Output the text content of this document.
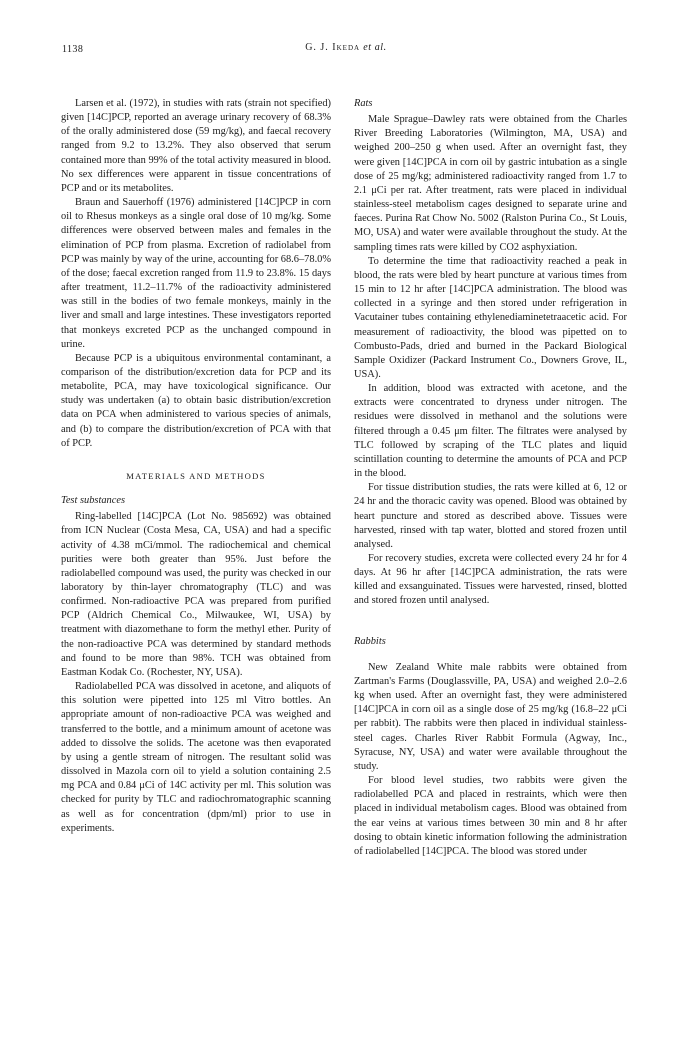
1138	G. J. Ikeda et al.

Larsen et al. (1972), in studies with rats (strain not specified) given [14C]PCP, reported an average urinary recovery of 68.3% of the orally administered dose (59 mg/kg), and faecal recovery ranged from 9.2 to 13.2%. They also observed that serum contained more than 99% of the total activity measured in blood. No sex differences were apparent in tissue concentrations of PCP and or its metabolites.

Braun and Sauerhoff (1976) administered [14C]PCP in corn oil to Rhesus monkeys as a single oral dose of 10 mg/kg. Some differences were observed between males and females in the elimination of PCP from plasma. Excretion of radiolabel from PCP was mainly by way of the urine, accounting for 68.6–78.0% of the dose; faecal excretion ranged from 11.9 to 23.8%. 15 days after treatment, 11.2–11.7% of the radioactivity administered was still in the bodies of two female monkeys, mainly in the liver and small and large intestines. These investigators reported that monkeys excreted PCP as the unchanged compound in urine.

Because PCP is a ubiquitous environmental contaminant, a comparison of the distribution/excretion data for PCP and its metabolite, PCA, may have toxicological significance. Our study was undertaken (a) to obtain basic distribution/excretion data on PCA when administered to various species of animals, and (b) to compare the distribution/excretion of PCA with that of PCP.

MATERIALS AND METHODS
Test substances

Ring-labelled [14C]PCA (Lot No. 985692) was obtained from ICN Nuclear (Costa Mesa, CA, USA) and had a specific activity of 4.38 mCi/mmol. The radiochemical and chemical purities were both greater than 95%. Just before the radiolabelled compound was used, the purity was checked in our laboratory by thin-layer chromatography (TLC) and was confirmed. Non-radioactive PCA was prepared from purified PCP (Aldrich Chemical Co., Milwaukee, WI, USA) by treatment with diazomethane to form the methyl ether. Purity of the non-radioactive PCA was determined by standard methods and found to be more than 98%. TCH was obtained from Eastman Kodak Co. (Rochester, NY, USA).

Radiolabelled PCA was dissolved in acetone, and aliquots of this solution were pipetted into 125 ml Vitro bottles. An appropriate amount of non-radioactive PCA was weighed and transferred to the bottle, and a minimum amount of acetone was added to dissolve the solids. The acetone was then evaporated by using a gentle stream of nitrogen. The resultant solid was dissolved in Mazola corn oil to yield a solution containing 2.5 mg PCA and 0.84 μCi of 14C activity per ml. This solution was checked for purity by TLC and radiochromatographic scanning as well as for concentration (dpm/ml) prior to use in experiments.

Rats

Male Sprague–Dawley rats were obtained from the Charles River Breeding Laboratories (Wilmington, MA, USA) and weighed 200–250 g when used. After an overnight fast, they were given [14C]PCA in corn oil by gastric intubation as a single dose of 25 mg/kg; administered radioactivity ranged from 1.7 to 2.1 μCi per rat. After treatment, rats were placed in individual stainless-steel metabolism cages designed to separate urine and faeces. Purina Rat Chow No. 5002 (Ralston Purina Co., St Louis, MO, USA) and water were available throughout the study. At the sampling times rats were killed by CO2 asphyxiation.

To determine the time that radioactivity reached a peak in blood, the rats were bled by heart puncture at various times from 15 min to 12 hr after [14C]PCA administration. The blood was collected in a syringe and then stored under refrigeration in Vacutainer tubes containing ethylenediaminetetraacetic acid. For measurement of radioactivity, the blood was pipetted on to Combusto-Pads, dried and burned in the Packard Biological Sample Oxidizer (Packard Instrument Co., Downers Grove, IL, USA).

In addition, blood was extracted with acetone, and the extracts were concentrated to dryness under nitrogen. The residues were dissolved in methanol and the solutions were filtered through a 0.45 μm filter. The filtrates were analysed by TLC followed by scraping of the TLC plates and liquid scintillation counting to determine the amounts of PCA and PCP in the blood.

For tissue distribution studies, the rats were killed at 6, 12 or 24 hr and the thoracic cavity was opened. Blood was obtained by heart puncture and stored as described above. Tissues were harvested, rinsed with tap water, blotted and stored frozen until analysed.

For recovery studies, excreta were collected every 24 hr for 4 days. At 96 hr after [14C]PCA administration, the rats were killed and exsanguinated. Tissues were harvested, rinsed, blotted and stored frozen until analysed.

Rabbits

New Zealand White male rabbits were obtained from Zartman's Farms (Douglassville, PA, USA) and weighed 2.0–2.6 kg when used. After an overnight fast, they were administered [14C]PCA in corn oil as a single dose of 25 mg/kg (16.8–22 μCi per rabbit). The rabbits were then placed in individual stainless-steel cages. Charles River Rabbit Formula (Agway, Inc., Syracuse, NY, USA) and water were available throughout the study.

For blood level studies, two rabbits were given the radiolabelled PCA and placed in restraints, which were then placed in individual metabolism cages. Blood was obtained from the ear veins at various times between 30 min and 8 hr after dosing to obtain kinetic information following the administration of radiolabelled [14C]PCA. The blood was stored under
